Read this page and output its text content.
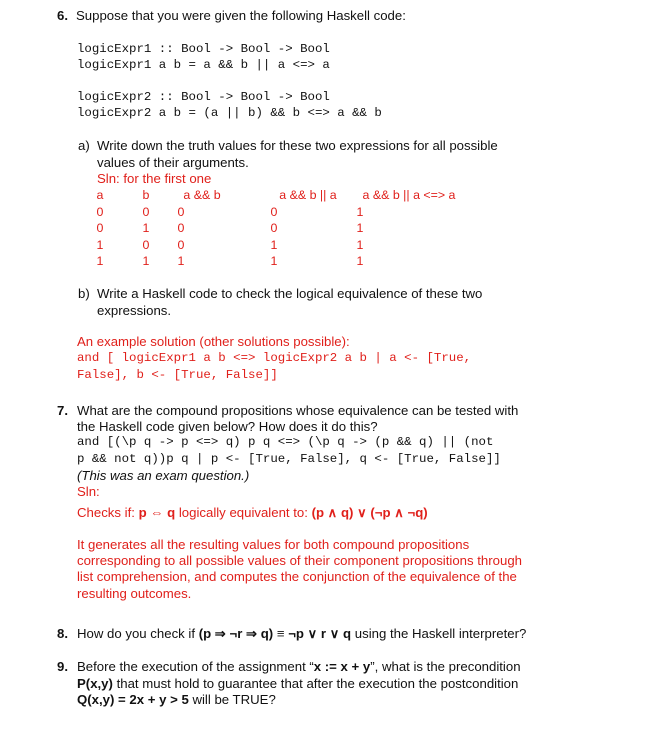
6. Suppose that you were given the following Haskell code:
logicExpr1 :: Bool -> Bool -> Bool
logicExpr1 a b = a && b || a <=> a
logicExpr2 :: Bool -> Bool -> Bool
logicExpr2 a b = (a || b) && b <=> a && b
a) Write down the truth values for these two expressions for all possible
values of their arguments.
Sln: for the first one
a	b	a && b	a && b || a	a && b || a <=> a
0	0	0	0	1
0	1	0	0	1
1	0	0	1	1
1	1	1	1	1
b) Write a Haskell code to check the logical equivalence of these two
expressions.
An example solution (other solutions possible):
and [ logicExpr1 a b <=> logicExpr2 a b | a <- [True,
False], b <- [True, False]]
7. What are the compound propositions whose equivalence can be tested with
the Haskell code given below? How does it do this?
and [(\p q -> p <=> q) p q <=> (\p q -> (p && q) || (not
p && not q))p q | p <- [True, False], q <- [True, False]]
(This was an exam question.)
Sln:
Checks if: p ⇔ q logically equivalent to: (p ∧ q) ∨ (¬p ∧ ¬q)
It generates all the resulting values for both compound propositions
corresponding to all possible values of their component propositions through
list comprehension, and computes the conjunction of the equivalence of the
resulting outcomes.
8. How do you check if (p ⇒ ¬r ⇒ q) ≡ ¬p ∨ r ∨ q using the Haskell interpreter?
9. Before the execution of the assignment “x := x + y”, what is the precondition
P(x,y) that must hold to guarantee that after the execution the postcondition
Q(x,y) = 2x + y > 5 will be TRUE?
